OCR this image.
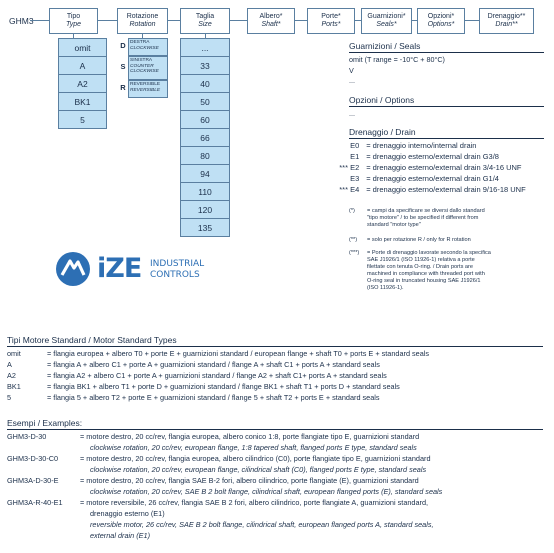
GHM3	Tipo
Type
Rotazione
Rotation
Taglia
Size
Albero*
Shaft*
Porte*
Ports*
Guarnizioni*
Seals*
Opzioni*
Options*
Drenaggio**
Drain**
omit
A
A2
BK1
5
D DESTRA
CLOCKWISE
S
SINISTRA
COUNTER CLOCKWISE
R REVERSIBLE
REVERSIBLE
...
33
40
50
60
66
80
94
110
120
135
Guarnizioni / Seals
omit (T range = -10°C + 80°C)
V
...
Opzioni / Options
...
Drenaggio / Drain
E0 = drenaggio interno/internal drain
E1 = drenaggio esterno/external drain G3/8
*** E2 = drenaggio esterno/external drain 3/4-16 UNF
E3 = drenaggio esterno/external drain G1/4
*** E4 = drenaggio esterno/external drain 9/16-18 UNF
(*) = campi da specificare se diversi dallo standard
"tipo motore" / to be specified if different from
standard "motor type"
(**) = solo per rotazione R / only for R rotation
(***) = Porte di drenaggio lavorate secondo la specifica
SAE J1926/1 (ISO 11926-1) relativa a porte
filettate con tenuta O-ring. / Drain ports are
machined in compliance with threaded port with
O-ring seal in truncated housing SAE J1926/1
(ISO 11926-1).
iZE INDUSTRIAL
CONTROLS
Tipi Motore Standard / Motor Standard Types
omit	= flangia europea + albero T0 + porte E + guarnizioni standard / european flange + shaft T0 + ports E + standard seals
A	= flangia A + albero C1 + porte A + guarnizioni standard / flange A + shaft C1 + ports A + standard seals
A2	= flangia A2 + albero C1 + porte A + guarnizioni standard / flange A2 + shaft C1+ ports A + standard seals
BK1	= flangia BK1 + albero T1 + porte D + guarnizioni standard / flange BK1 + shaft T1 + ports D + standard seals
5	= flangia 5 + albero T2 + porte E + guarnizioni standard / flange 5 + shaft T2 + ports E + standard seals
Esempi / Examples:
GHM3-D-30	= motore destro, 20 cc/rev, flangia europea, albero conico 1:8, porte flangiate tipo E, guarnizioni standard
clockwise rotation, 20 cc/rev, european flange, 1:8 tapered shaft, flanged ports E type, standard seals
GHM3-D-30-C0	= motore destro, 20 cc/rev, flangia europea, albero cilindrico (C0), porte flangiate tipo E, guarnizioni standard
clockwise rotation, 20 cc/rev, european flange, cilindrical shaft (C0), flanged ports E type, standard seals
GHM3A-D-30-E	= motore destro, 20 cc/rev, flangia SAE B-2 fori, albero cilindrico, porte flangiate (E), guarnizioni standard
clockwise rotation, 20 cc/rev, SAE B 2 bolt flange, cilindrical shaft, european flanged ports (E), standard seals
GHM3A-R-40-E1 = motore reversibile, 26 cc/rev, flangia SAE B 2 fori, albero cilindrico, porte flangiate A, guarnizioni standard,
drenaggio esterno (E1)
reversible motor, 26 cc/rev, SAE B 2 bolt flange, cilindrical shaft, european flanged ports A, standard seals,
external drain (E1)
